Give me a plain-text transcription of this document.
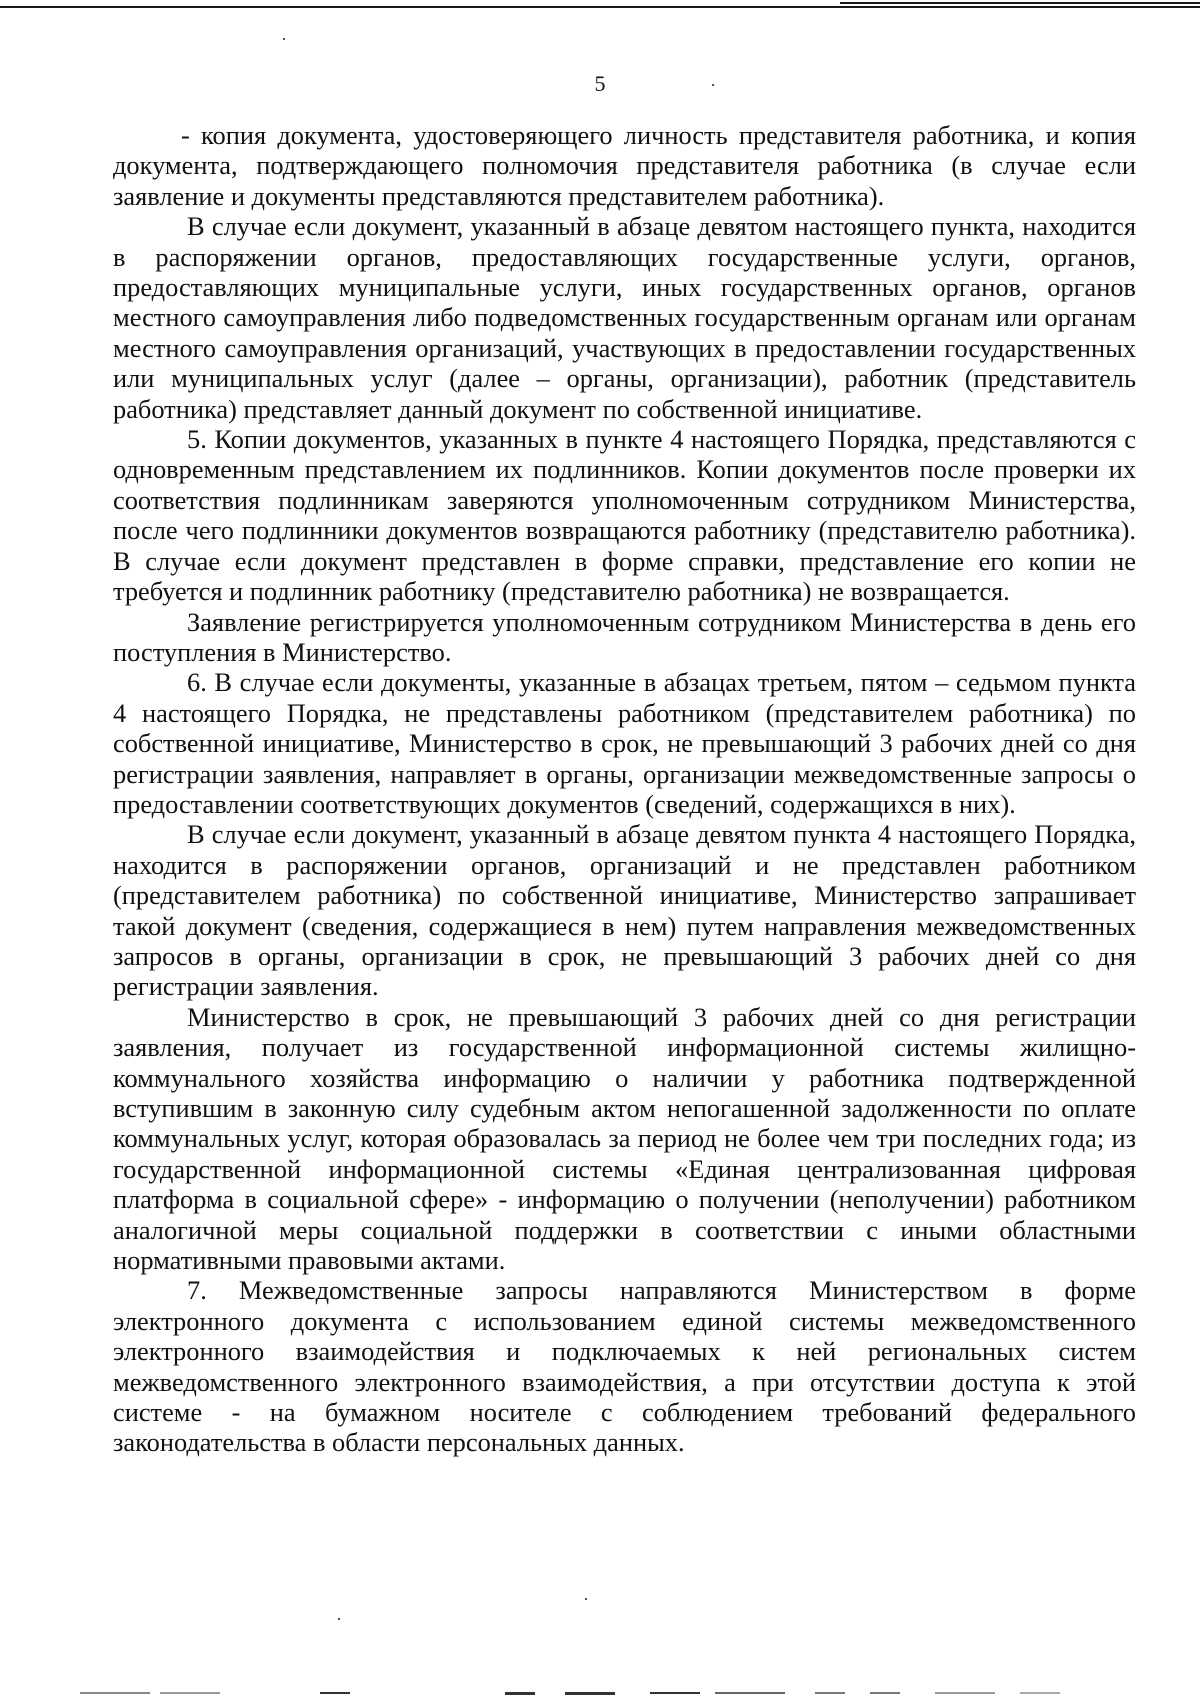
5

- копия документа, удостоверяющего личность представителя работника, и копия документа, подтверждающего полномочия представителя работника (в случае если заявление и документы представляются представителем работника).

В случае если документ, указанный в абзаце девятом настоящего пункта, находится в распоряжении органов, предоставляющих государственные услуги, органов, предоставляющих муниципальные услуги, иных государственных органов, органов местного самоуправления либо подведомственных государственным органам или органам местного самоуправления организаций, участвующих в предоставлении государственных или муниципальных услуг (далее – органы, организации), работник (представитель работника) представляет данный документ по собственной инициативе.

5. Копии документов, указанных в пункте 4 настоящего Порядка, представляются с одновременным представлением их подлинников. Копии документов после проверки их соответствия подлинникам заверяются уполномоченным сотрудником Министерства, после чего подлинники документов возвращаются работнику (представителю работника). В случае если документ представлен в форме справки, представление его копии не требуется и подлинник работнику (представителю работника) не возвращается.

Заявление регистрируется уполномоченным сотрудником Министерства в день его поступления в Министерство.

6. В случае если документы, указанные в абзацах третьем, пятом – седьмом пункта 4 настоящего Порядка, не представлены работником (представителем работника) по собственной инициативе, Министерство в срок, не превышающий 3 рабочих дней со дня регистрации заявления, направляет в органы, организации межведомственные запросы о предоставлении соответствующих документов (сведений, содержащихся в них).

В случае если документ, указанный в абзаце девятом пункта 4 настоящего Порядка, находится в распоряжении органов, организаций и не представлен работником (представителем работника) по собственной инициативе, Министерство запрашивает такой документ (сведения, содержащиеся в нем) путем направления межведомственных запросов в органы, организации в срок, не превышающий 3 рабочих дней со дня регистрации заявления.

Министерство в срок, не превышающий 3 рабочих дней со дня регистрации заявления, получает из государственной информационной системы жилищно-коммунального хозяйства информацию о наличии у работника подтвержденной вступившим в законную силу судебным актом непогашенной задолженности по оплате коммунальных услуг, которая образовалась за период не более чем три последних года; из государственной информационной системы «Единая централизованная цифровая платформа в социальной сфере» - информацию о получении (неполучении) работником аналогичной меры социальной поддержки в соответствии с иными областными нормативными правовыми актами.

7. Межведомственные запросы направляются Министерством в форме электронного документа с использованием единой системы межведомственного электронного взаимодействия и подключаемых к ней региональных систем межведомственного электронного взаимодействия, а при отсутствии доступа к этой системе - на бумажном носителе с соблюдением требований федерального законодательства в области персональных данных.
